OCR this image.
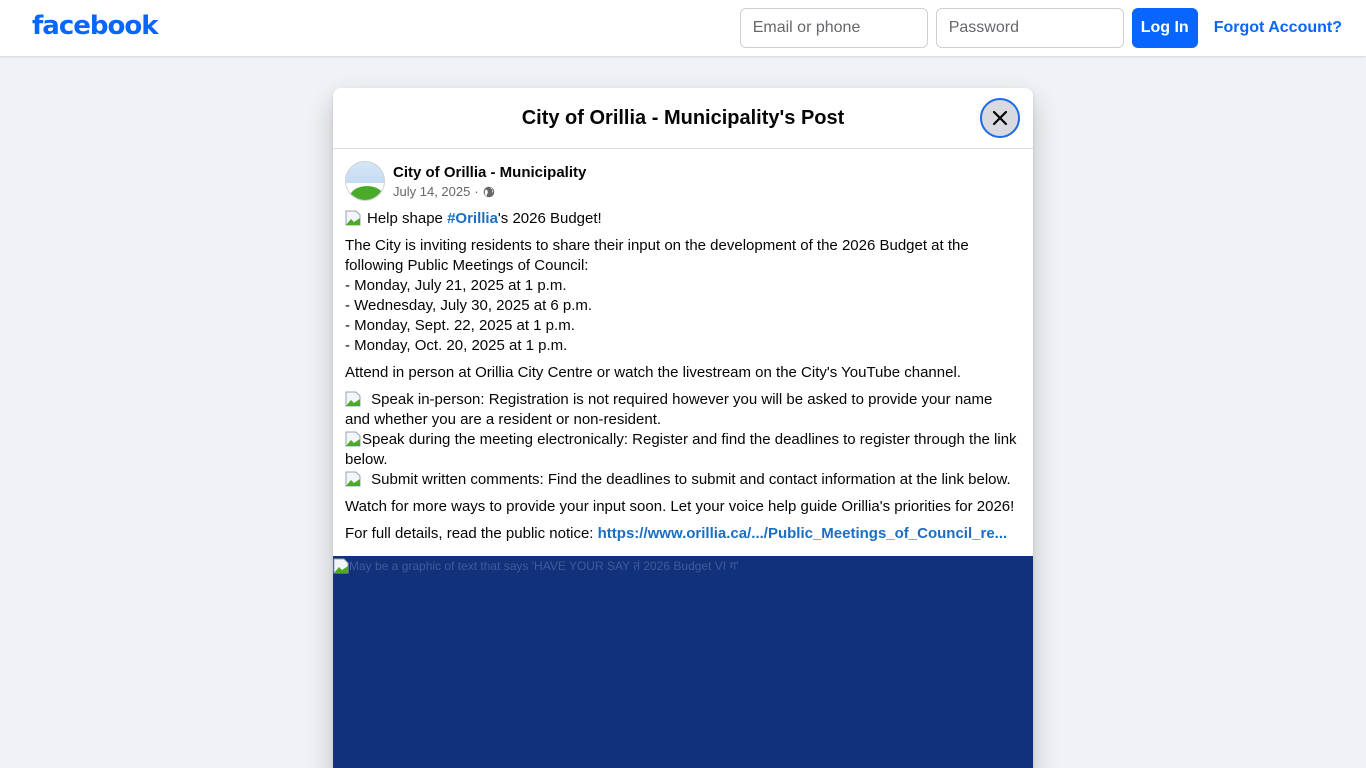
facebook	Email or phone	Password	Log In	Forgot Account?
City of Orillia - Municipality's Post
City of Orillia - Municipality
July 14, 2025 ·

Help shape #Orillia's 2026 Budget!

The City is inviting residents to share their input on the development of the 2026 Budget at the following Public Meetings of Council:
- Monday, July 21, 2025 at 1 p.m.
- Wednesday, July 30, 2025 at 6 p.m.
- Monday, Sept. 22, 2025 at 1 p.m.
- Monday, Oct. 20, 2025 at 1 p.m.

Attend in person at Orillia City Centre or watch the livestream on the City's YouTube channel.

Speak in-person: Registration is not required however you will be asked to provide your name and whether you are a resident or non-resident.

Speak during the meeting electronically: Register and find the deadlines to register through the link below.

Submit written comments: Find the deadlines to submit and contact information at the link below.

Watch for more ways to provide your input soon. Let your voice help guide Orillia's priorities for 2026!

For full details, read the public notice: https://www.orillia.ca/.../Public_Meetings_of_Council_re...

May be a graphic of text that says 'HAVE YOUR SAY तं 2026 Budget VI ग'
